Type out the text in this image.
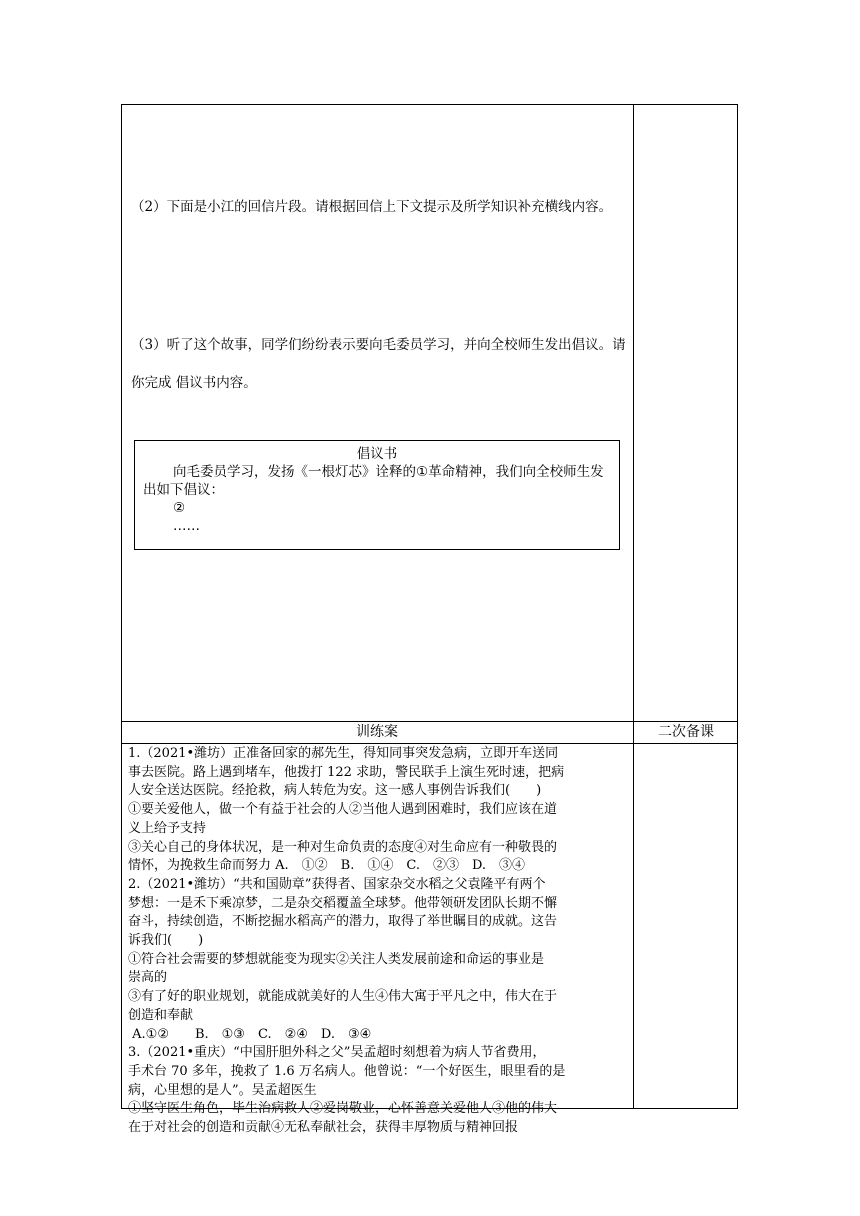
（2）下面是小江的回信片段。请根据回信上下文提示及所学知识补充横线内容。
（3）听了这个故事，同学们纷纷表示要向毛委员学习，并向全校师生发出倡议。请你完成 倡议书内容。
倡议书
向毛委员学习，发扬《一根灯芯》诠释的①革命精神，我们向全校师生发出如下倡议：
②
……
训练案	二次备课
1.（2021•潍坊）正准备回家的郝先生，得知同事突发急病，立即开车送同
事去医院。路上遇到堵车，他拨打 122 求助，警民联手上演生死时速，把病
人安全送达医院。经抢救，病人转危为安。这一感人事例告诉我们(　　)
①要关爱他人，做一个有益于社会的人②当他人遇到困难时，我们应该在道
义上给予支持
③关心自己的身体状况，是一种对生命负责的态度④对生命应有一种敬畏的
情怀，为挽救生命而努力 A.　①②　B.　①④　C.　②③　D.　③④
2.（2021•潍坊）“共和国勋章”获得者、国家杂交水稻之父袁隆平有两个
梦想：一是禾下乘凉梦，二是杂交稻覆盖全球梦。他带领研发团队长期不懈
奋斗，持续创造，不断挖掘水稻高产的潜力，取得了举世瞩目的成就。这告
诉我们(　　)
①符合社会需要的梦想就能变为现实②关注人类发展前途和命运的事业是
崇高的
③有了好的职业规划，就能成就美好的人生④伟大寓于平凡之中，伟大在于
创造和奉献
A.①②　　B.　①③　C.　②④　D.　③④
3.（2021•重庆）“中国肝胆外科之父”吴孟超时刻想着为病人节省费用，
手术台 70 多年，挽救了 1.6 万名病人。他曾说：“一个好医生，眼里看的是
病，心里想的是人”。吴孟超医生
①坚守医生角色，毕生治病救人②爱岗敬业，心怀善意关爱他人③他的伟大
在于对社会的创造和贡献④无私奉献社会，获得丰厚物质与精神回报
